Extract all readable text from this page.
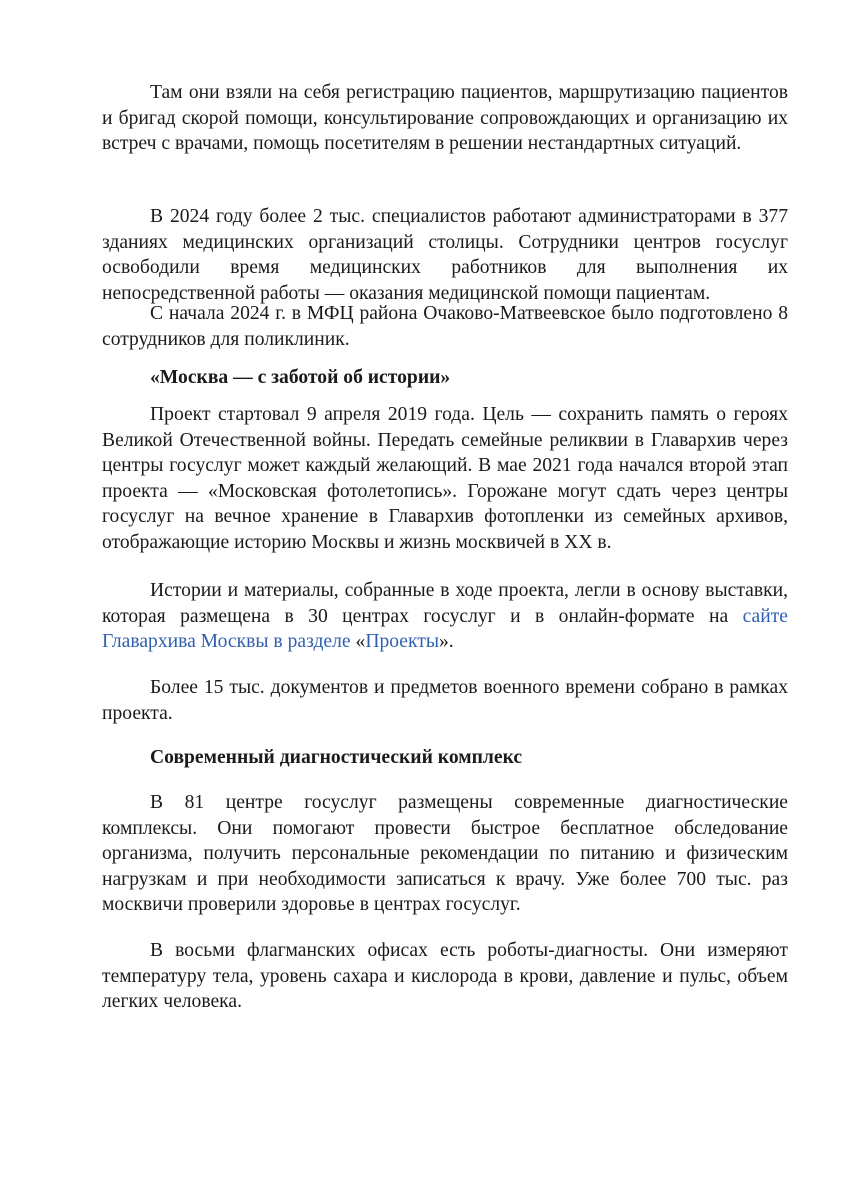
Там они взяли на себя регистрацию пациентов, маршрутизацию пациентов и бригад скорой помощи, консультирование сопровождающих и организацию их встреч с врачами, помощь посетителям в решении нестандартных ситуаций.

В 2024 году более 2 тыс. специалистов работают администраторами в 377 зданиях медицинских организаций столицы. Сотрудники центров госуслуг освободили время медицинских работников для выполнения их непосредственной работы — оказания медицинской помощи пациентам.

С начала 2024 г. в МФЦ района Очаково-Матвеевское было подготовлено 8 сотрудников для поликлиник.

«Москва — с заботой об истории»

Проект стартовал 9 апреля 2019 года. Цель — сохранить память о героях Великой Отечественной войны. Передать семейные реликвии в Главархив через центры госуслуг может каждый желающий. В мае 2021 года начался второй этап проекта — «Московская фотолетопись». Горожане могут сдать через центры госуслуг на вечное хранение в Главархив фотопленки из семейных архивов, отображающие историю Москвы и жизнь москвичей в XX в.

Истории и материалы, собранные в ходе проекта, легли в основу выставки, которая размещена в 30 центрах госуслуг и в онлайн-формате на сайте Главархива Москвы в разделе «Проекты».

Более 15 тыс. документов и предметов военного времени собрано в рамках проекта.

Современный диагностический комплекс

В 81 центре госуслуг размещены современные диагностические комплексы. Они помогают провести быстрое бесплатное обследование организма, получить персональные рекомендации по питанию и физическим нагрузкам и при необходимости записаться к врачу. Уже более 700 тыс. раз москвичи проверили здоровье в центрах госуслуг.

В восьми флагманских офисах есть роботы-диагносты. Они измеряют температуру тела, уровень сахара и кислорода в крови, давление и пульс, объем легких человека.
